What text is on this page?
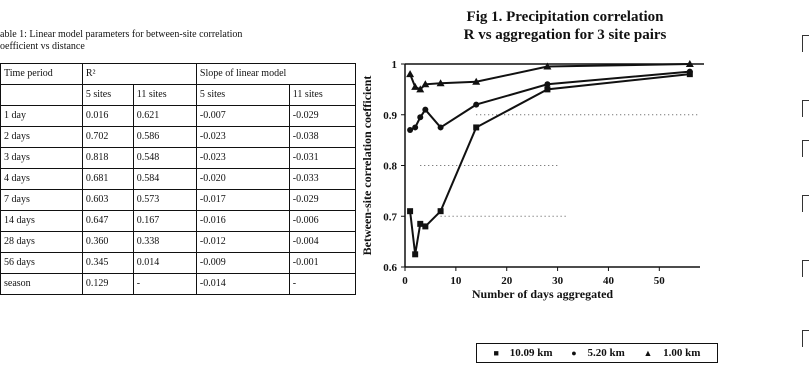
able 1: Linear model parameters for between-site correlation
oefficient vs distance
Time period	R²		Slope of linear model	
	5 sites	11 sites	5 sites	11 sites
1 day	0.016	0.621	-0.007	-0.029
2 days	0.702	0.586	-0.023	-0.038
3 days	0.818	0.548	-0.023	-0.031
4 days	0.681	0.584	-0.020	-0.033
7 days	0.603	0.573	-0.017	-0.029
14 days	0.647	0.167	-0.016	-0.006
28 days	0.360	0.338	-0.012	-0.004
56 days	0.345	0.014	-0.009	-0.001
season	0.129	-	-0.014	-
Fig 1. Precipitation correlation
R vs aggregation for 3 site pairs
0.6
0.7
0.8
0.9
1
0	10	20	30	40	50
Number of days aggregated
Between-site correlation coefficient
■ 10.09 km ● 5.20 km ▲ 1.00 km
